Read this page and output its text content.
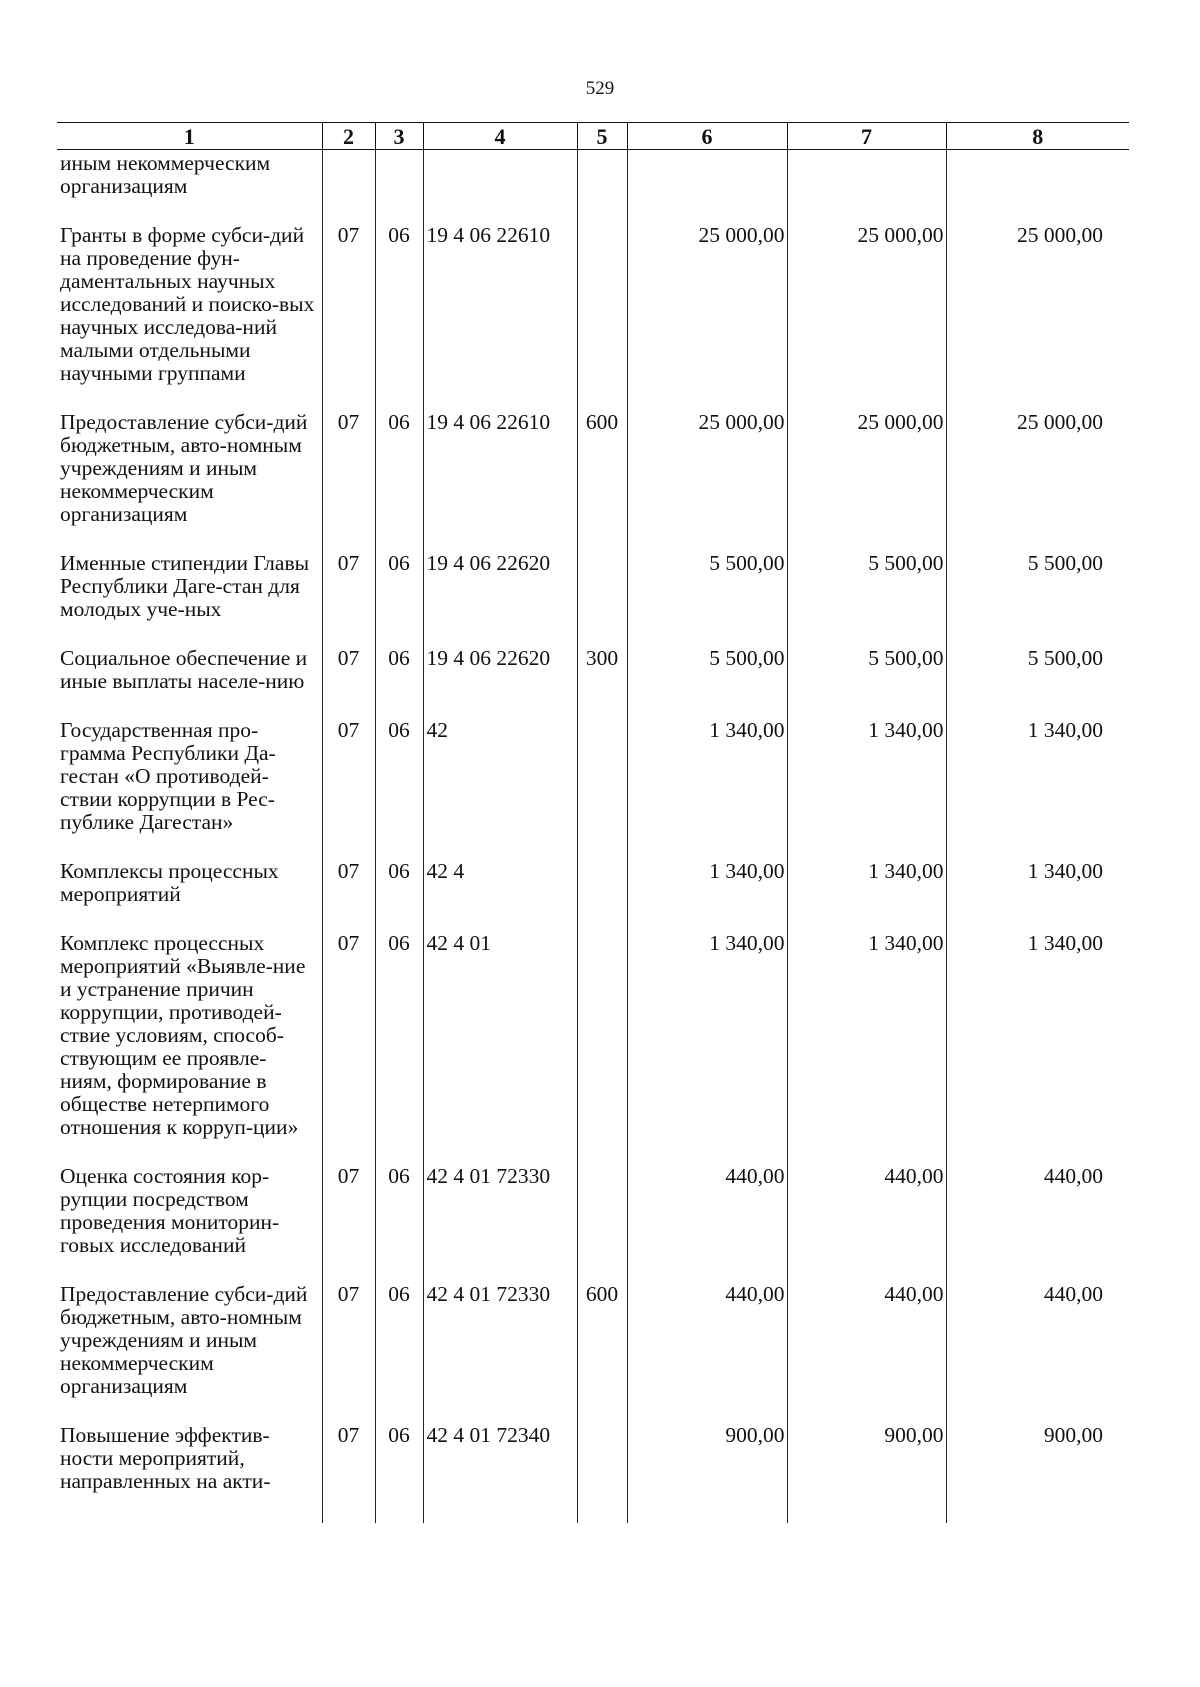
529
1	2	3	4	5	6	7	8
иным некоммерческим организациям							
Гранты в форме субси-дий на проведение фун-даментальных научных исследований и поиско-вых научных исследова-ний малыми отдельными научными группами	07	06	19 4 06 22610		25 000,00	25 000,00	25 000,00
Предоставление субси-дий бюджетным, авто-номным учреждениям и иным некоммерческим организациям	07	06	19 4 06 22610	600	25 000,00	25 000,00	25 000,00
Именные стипендии Главы Республики Даге-стан для молодых уче-ных	07	06	19 4 06 22620		5 500,00	5 500,00	5 500,00
Социальное обеспечение и иные выплаты населе-нию	07	06	19 4 06 22620	300	5 500,00	5 500,00	5 500,00
Государственная про-грамма Республики Да-гестан «О противодей-ствии коррупции в Рес-публике Дагестан»	07	06	42		1 340,00	1 340,00	1 340,00
Комплексы процессных мероприятий	07	06	42 4		1 340,00	1 340,00	1 340,00
Комплекс процессных мероприятий «Выявле-ние и устранение причин коррупции, противодей-ствие условиям, способ-ствующим ее проявле-ниям, формирование в обществе нетерпимого отношения к корруп-ции»	07	06	42 4 01		1 340,00	1 340,00	1 340,00
Оценка состояния кор-рупции посредством проведения мониторин-говых исследований	07	06	42 4 01 72330		440,00	440,00	440,00
Предоставление субси-дий бюджетным, авто-номным учреждениям и иным некоммерческим организациям	07	06	42 4 01 72330	600	440,00	440,00	440,00
Повышение эффектив-ности мероприятий, направленных на акти-	07	06	42 4 01 72340		900,00	900,00	900,00
